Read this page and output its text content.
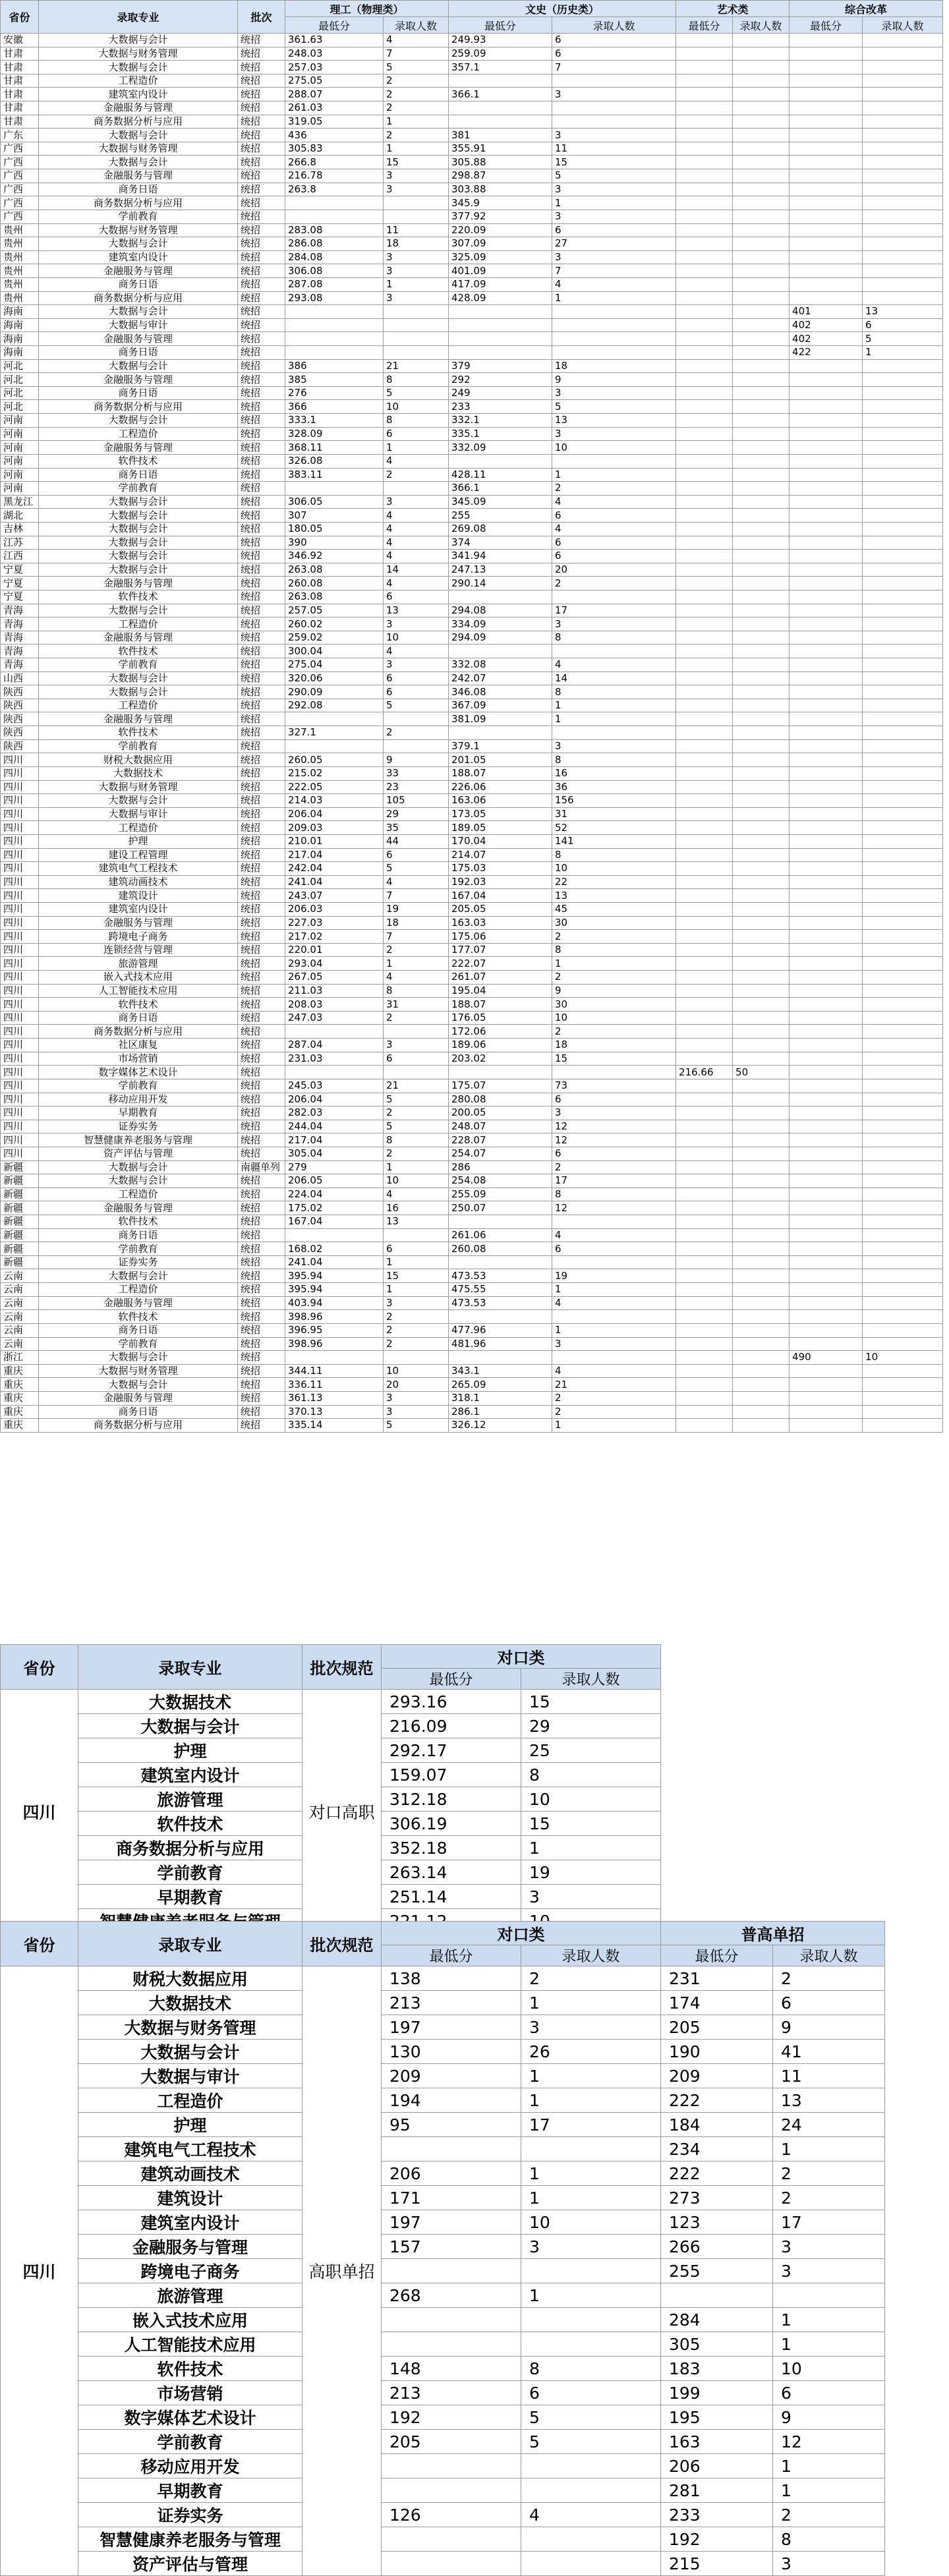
省份	录取专业	批次	理工（物理类）		文史（历史类）		艺术类		综合改革	
			最低分	录取人数	最低分	录取人数	最低分	录取人数	最低分	录取人数
安徽	大数据与会计	统招	361.63	4	249.93	6				
甘肃	大数据与财务管理	统招	248.03	7	259.09	6				
甘肃	大数据与会计	统招	257.03	5	357.1	7				
甘肃	工程造价	统招	275.05	2						
甘肃	建筑室内设计	统招	288.07	2	366.1	3				
甘肃	金融服务与管理	统招	261.03	2						
甘肃	商务数据分析与应用	统招	319.05	1						
广东	大数据与会计	统招	436	2	381	3				
广西	大数据与财务管理	统招	305.83	1	355.91	11				
广西	大数据与会计	统招	266.8	15	305.88	15				
广西	金融服务与管理	统招	216.78	3	298.87	5				
广西	商务日语	统招	263.8	3	303.88	3				
广西	商务数据分析与应用	统招			345.9	1				
广西	学前教育	统招			377.92	3				
贵州	大数据与财务管理	统招	283.08	11	220.09	6				
贵州	大数据与会计	统招	286.08	18	307.09	27				
贵州	建筑室内设计	统招	284.08	3	325.09	3				
贵州	金融服务与管理	统招	306.08	3	401.09	7				
贵州	商务日语	统招	287.08	1	417.09	4				
贵州	商务数据分析与应用	统招	293.08	3	428.09	1				
海南	大数据与会计	统招							401	13
海南	大数据与审计	统招							402	6
海南	金融服务与管理	统招							402	5
海南	商务日语	统招							422	1
河北	大数据与会计	统招	386	21	379	18				
河北	金融服务与管理	统招	385	8	292	9				
河北	商务日语	统招	276	5	249	3				
河北	商务数据分析与应用	统招	366	10	233	5				
河南	大数据与会计	统招	333.1	8	332.1	13				
河南	工程造价	统招	328.09	6	335.1	3				
河南	金融服务与管理	统招	368.11	1	332.09	10				
河南	软件技术	统招	326.08	4						
河南	商务日语	统招	383.11	2	428.11	1				
河南	学前教育	统招			366.1	2				
黑龙江	大数据与会计	统招	306.05	3	345.09	4				
湖北	大数据与会计	统招	307	4	255	6				
吉林	大数据与会计	统招	180.05	4	269.08	4				
江苏	大数据与会计	统招	390	4	374	6				
江西	大数据与会计	统招	346.92	4	341.94	6				
宁夏	大数据与会计	统招	263.08	14	247.13	20				
宁夏	金融服务与管理	统招	260.08	4	290.14	2				
宁夏	软件技术	统招	263.08	6						
青海	大数据与会计	统招	257.05	13	294.08	17				
青海	工程造价	统招	260.02	3	334.09	3				
青海	金融服务与管理	统招	259.02	10	294.09	8				
青海	软件技术	统招	300.04	4						
青海	学前教育	统招	275.04	3	332.08	4				
山西	大数据与会计	统招	320.06	6	242.07	14				
陕西	大数据与会计	统招	290.09	6	346.08	8				
陕西	工程造价	统招	292.08	5	367.09	1				
陕西	金融服务与管理	统招			381.09	1				
陕西	软件技术	统招	327.1	2						
陕西	学前教育	统招			379.1	3				
四川	财税大数据应用	统招	260.05	9	201.05	8				
四川	大数据技术	统招	215.02	33	188.07	16				
四川	大数据与财务管理	统招	222.05	23	226.06	36				
四川	大数据与会计	统招	214.03	105	163.06	156				
四川	大数据与审计	统招	206.04	29	173.05	31				
四川	工程造价	统招	209.03	35	189.05	52				
四川	护理	统招	210.01	44	170.04	141				
四川	建设工程管理	统招	217.04	6	214.07	8				
四川	建筑电气工程技术	统招	242.04	5	175.03	10				
四川	建筑动画技术	统招	241.04	4	192.03	22				
四川	建筑设计	统招	243.07	7	167.04	13				
四川	建筑室内设计	统招	206.03	19	205.05	45				
四川	金融服务与管理	统招	227.03	18	163.03	30				
四川	跨境电子商务	统招	217.02	7	175.06	2				
四川	连锁经营与管理	统招	220.01	2	177.07	8				
四川	旅游管理	统招	293.04	1	222.07	1				
四川	嵌入式技术应用	统招	267.05	4	261.07	2				
四川	人工智能技术应用	统招	211.03	8	195.04	9				
四川	软件技术	统招	208.03	31	188.07	30				
四川	商务日语	统招	247.03	2	176.05	10				
四川	商务数据分析与应用	统招			172.06	2				
四川	社区康复	统招	287.04	3	189.06	18				
四川	市场营销	统招	231.03	6	203.02	15				
四川	数字媒体艺术设计	统招					216.66	50		
四川	学前教育	统招	245.03	21	175.07	73				
四川	移动应用开发	统招	206.04	5	280.08	6				
四川	早期教育	统招	282.03	2	200.05	3				
四川	证券实务	统招	244.04	5	248.07	12				
四川	智慧健康养老服务与管理	统招	217.04	8	228.07	12				
四川	资产评估与管理	统招	305.04	2	254.07	6				
新疆	大数据与会计	南疆单列	279	1	286	2				
新疆	大数据与会计	统招	206.05	10	254.08	17				
新疆	工程造价	统招	224.04	4	255.09	8				
新疆	金融服务与管理	统招	175.02	16	250.07	12				
新疆	软件技术	统招	167.04	13						
新疆	商务日语	统招			261.06	4				
新疆	学前教育	统招	168.02	6	260.08	6				
新疆	证券实务	统招	241.04	1						
云南	大数据与会计	统招	395.94	15	473.53	19				
云南	工程造价	统招	395.94	1	475.55	1				
云南	金融服务与管理	统招	403.94	3	473.53	4				
云南	软件技术	统招	398.96	2						
云南	商务日语	统招	396.95	2	477.96	1				
云南	学前教育	统招	398.96	2	481.96	3				
浙江	大数据与会计	统招							490	10
重庆	大数据与财务管理	统招	344.11	10	343.1	4				
重庆	大数据与会计	统招	336.11	20	265.09	21				
重庆	金融服务与管理	统招	361.13	3	318.1	2				
重庆	商务日语	统招	370.13	3	286.1	2				
重庆	商务数据分析与应用	统招	335.14	5	326.12	1				
省份	录取专业	批次规范	对口类	
			最低分	录取人数
四川	大数据技术	对口高职	293.16	15
	大数据与会计		216.09	29
	护理		292.17	25
	建筑室内设计		159.07	8
	旅游管理		312.18	10
	软件技术		306.19	15
	商务数据分析与应用		352.18	1
	学前教育		263.14	19
	早期教育		251.14	3

省份	录取专业	批次规范	对口类		普高单招	
			最低分	录取人数	最低分	录取人数
四川	财税大数据应用	高职单招	138	2	231	2
	大数据技术		213	1	174	6
	大数据与财务管理		197	3	205	9
	大数据与会计		130	26	190	41
	大数据与审计		209	1	209	11
	工程造价		194	1	222	13
	护理		95	17	184	24
	建筑电气工程技术				234	1
	建筑动画技术		206	1	222	2
	建筑设计		171	1	273	2
	建筑室内设计		197	10	123	17
	金融服务与管理		157	3	266	3
	跨境电子商务				255	3
	旅游管理		268	1		
	嵌入式技术应用				284	1
	人工智能技术应用				305	1
	软件技术		148	8	183	10
	市场营销		213	6	199	6
	数字媒体艺术设计		192	5	195	9
	学前教育		205	5	163	12
	移动应用开发				206	1
	早期教育				281	1
	证券实务		126	4	233	2
	智慧健康养老服务与管理				192	8
	资产评估与管理				215	3
